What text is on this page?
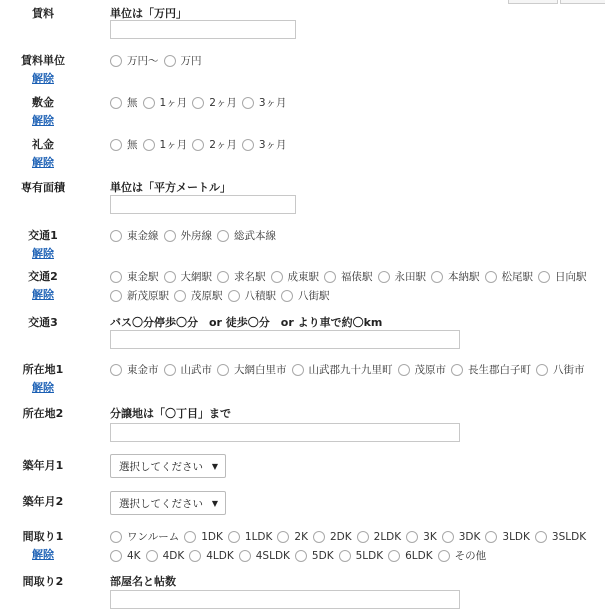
賃料	単位は「万円」
賃料単位
解除
万円〜 万円
敷金
解除
無 1ヶ月 2ヶ月 3ヶ月
礼金
解除
無 1ヶ月 2ヶ月 3ヶ月
専有面積	単位は「平方メートル」
交通1
解除
東金線 外房線 総武本線
交通2
解除
東金駅 大網駅 求名駅 成東駅 福俵駅 永田駅 本納駅 松尾駅 日向駅
新茂原駅 茂原駅 八積駅 八街駅
交通3	バス〇分停歩〇分　or 徒歩〇分　or より車で約〇km
所在地1
解除
東金市 山武市 大網白里市 山武郡九十九里町 茂原市 長生郡白子町 八街市
所在地2	分譲地は「〇丁目」まで
築年月1	選択してください ▼
築年月2	選択してください ▼
間取り1
解除
ワンルーム 1DK 1LDK 2K 2DK 2LDK 3K 3DK 3LDK 3SLDK
4K 4DK 4LDK 4SLDK 5DK 5LDK 6LDK その他
間取り2	部屋名と帖数
